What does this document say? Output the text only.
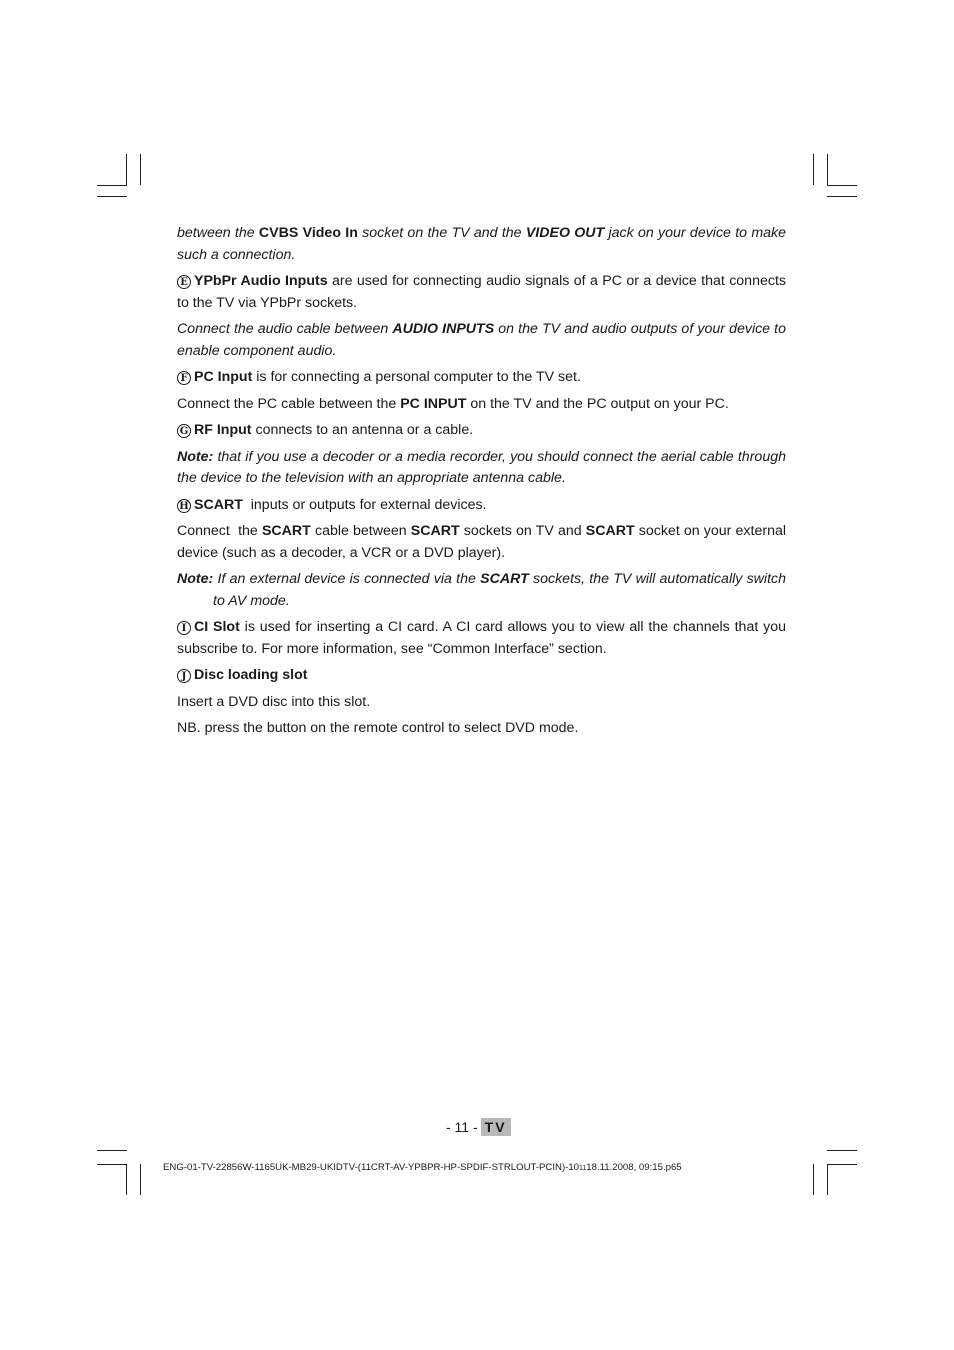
between the CVBS Video In socket on the TV and the VIDEO OUT jack on your device to make such a connection.

E YPbPr Audio Inputs are used for connecting audio signals of a PC or a device that connects to the TV via YPbPr sockets.

Connect the audio cable between AUDIO INPUTS on the TV and audio outputs of your device to enable component audio.

F PC Input is for connecting a personal computer to the TV set.

Connect the PC cable between the PC INPUT on the TV and the PC output on your PC.

G RF Input connects to an antenna or a cable.

Note: that if you use a decoder or a media recorder, you should connect the aerial cable through the device to the television with an appropriate antenna cable.

H SCART  inputs or outputs for external devices.

Connect  the SCART cable between SCART sockets on TV and SCART socket on your external device (such as a decoder, a VCR or a DVD player).

Note: If an external device is connected via the SCART sockets, the TV will automatically switch to AV mode.

I CI Slot is used for inserting a CI card. A CI card allows you to view all the channels that you subscribe to. For more information, see “Common Interface” section.

J Disc loading slot

Insert a DVD disc into this slot.

NB. press the button on the remote control to select DVD mode.

- 11 - TV
ENG-01-TV-22856W-1165UK-MB29-UKIDTV-(11CRT-AV-YPBPR-HP-SPDIF-STRLOUT-PCIN)-101118.11.2008, 09:15.p65
